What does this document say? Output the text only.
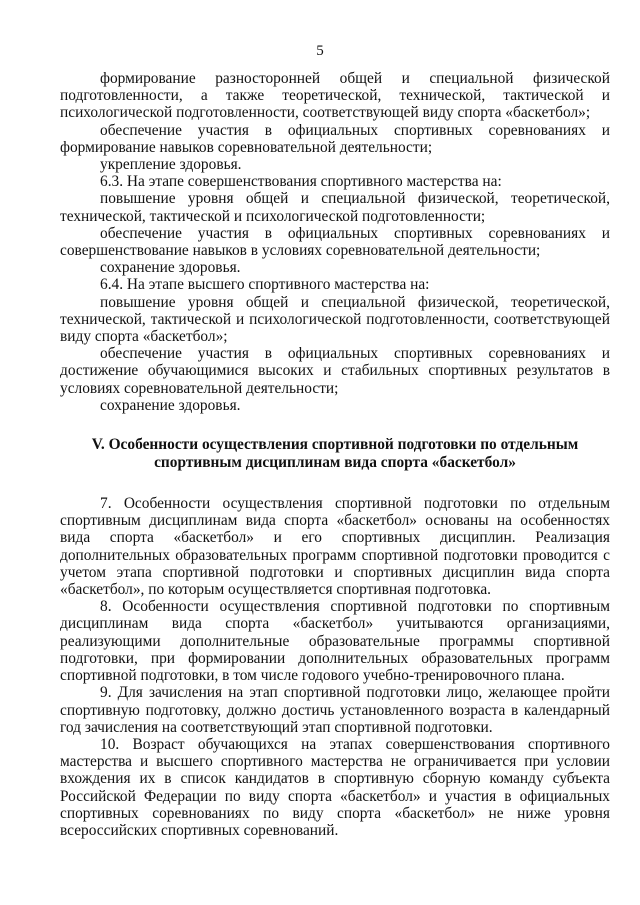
5

формирование разносторонней общей и специальной физической подготовленности, а также теоретической, технической, тактической и психологической подготовленности, соответствующей виду спорта «баскетбол»;

обеспечение участия в официальных спортивных соревнованиях и формирование навыков соревновательной деятельности;

укрепление здоровья.

6.3. На этапе совершенствования спортивного мастерства на:

повышение уровня общей и специальной физической, теоретической, технической, тактической и психологической подготовленности;

обеспечение участия в официальных спортивных соревнованиях и совершенствование навыков в условиях соревновательной деятельности;

сохранение здоровья.

6.4. На этапе высшего спортивного мастерства на:

повышение уровня общей и специальной физической, теоретической, технической, тактической и психологической подготовленности, соответствующей виду спорта «баскетбол»;

обеспечение участия в официальных спортивных соревнованиях и достижение обучающимися высоких и стабильных спортивных результатов в условиях соревновательной деятельности;

сохранение здоровья.

V. Особенности осуществления спортивной подготовки по отдельным спортивным дисциплинам вида спорта «баскетбол»

7. Особенности осуществления спортивной подготовки по отдельным спортивным дисциплинам вида спорта «баскетбол» основаны на особенностях вида спорта «баскетбол» и его спортивных дисциплин. Реализация дополнительных образовательных программ спортивной подготовки проводится с учетом этапа спортивной подготовки и спортивных дисциплин вида спорта «баскетбол», по которым осуществляется спортивная подготовка.

8. Особенности осуществления спортивной подготовки по спортивным дисциплинам вида спорта «баскетбол» учитываются организациями, реализующими дополнительные образовательные программы спортивной подготовки, при формировании дополнительных образовательных программ спортивной подготовки, в том числе годового учебно-тренировочного плана.

9. Для зачисления на этап спортивной подготовки лицо, желающее пройти спортивную подготовку, должно достичь установленного возраста в календарный год зачисления на соответствующий этап спортивной подготовки.

10. Возраст обучающихся на этапах совершенствования спортивного мастерства и высшего спортивного мастерства не ограничивается при условии вхождения их в список кандидатов в спортивную сборную команду субъекта Российской Федерации по виду спорта «баскетбол» и участия в официальных спортивных соревнованиях по виду спорта «баскетбол» не ниже уровня всероссийских спортивных соревнований.
